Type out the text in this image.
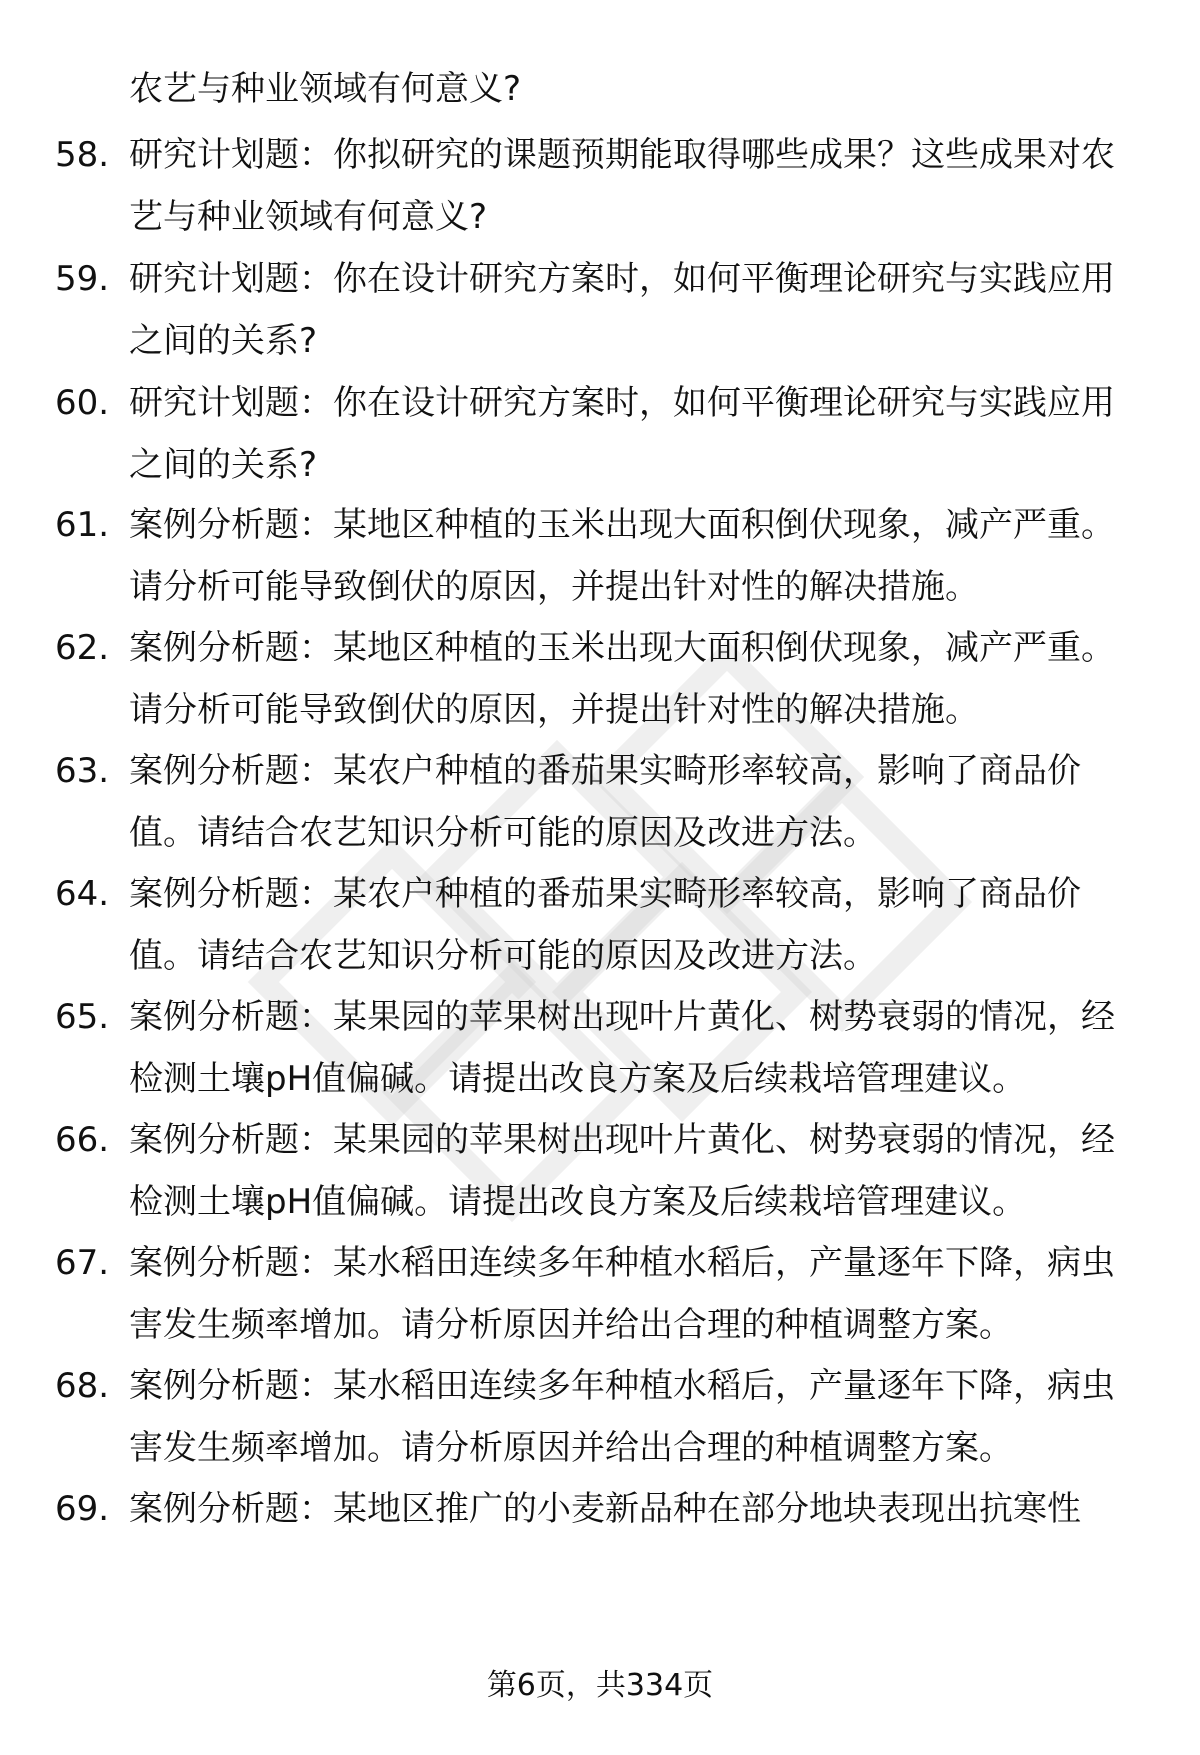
农艺与种业领域有何意义?
58. 研究计划题：你拟研究的课题预期能取得哪些成果？这些成果对农艺与种业领域有何意义?
59. 研究计划题：你在设计研究方案时，如何平衡理论研究与实践应用之间的关系?
60. 研究计划题：你在设计研究方案时，如何平衡理论研究与实践应用之间的关系?
61. 案例分析题：某地区种植的玉米出现大面积倒伏现象，减产严重。请分析可能导致倒伏的原因，并提出针对性的解决措施。
62. 案例分析题：某地区种植的玉米出现大面积倒伏现象，减产严重。请分析可能导致倒伏的原因，并提出针对性的解决措施。
63. 案例分析题：某农户种植的番茄果实畸形率较高，影响了商品价值。请结合农艺知识分析可能的原因及改进方法。
64. 案例分析题：某农户种植的番茄果实畸形率较高，影响了商品价值。请结合农艺知识分析可能的原因及改进方法。
65. 案例分析题：某果园的苹果树出现叶片黄化、树势衰弱的情况，经检测土壤pH值偏碱。请提出改良方案及后续栽培管理建议。
66. 案例分析题：某果园的苹果树出现叶片黄化、树势衰弱的情况，经检测土壤pH值偏碱。请提出改良方案及后续栽培管理建议。
67. 案例分析题：某水稻田连续多年种植水稻后，产量逐年下降，病虫害发生频率增加。请分析原因并给出合理的种植调整方案。
68. 案例分析题：某水稻田连续多年种植水稻后，产量逐年下降，病虫害发生频率增加。请分析原因并给出合理的种植调整方案。
69. 案例分析题：某地区推广的小麦新品种在部分地块表现出抗寒性
第6页，共334页
